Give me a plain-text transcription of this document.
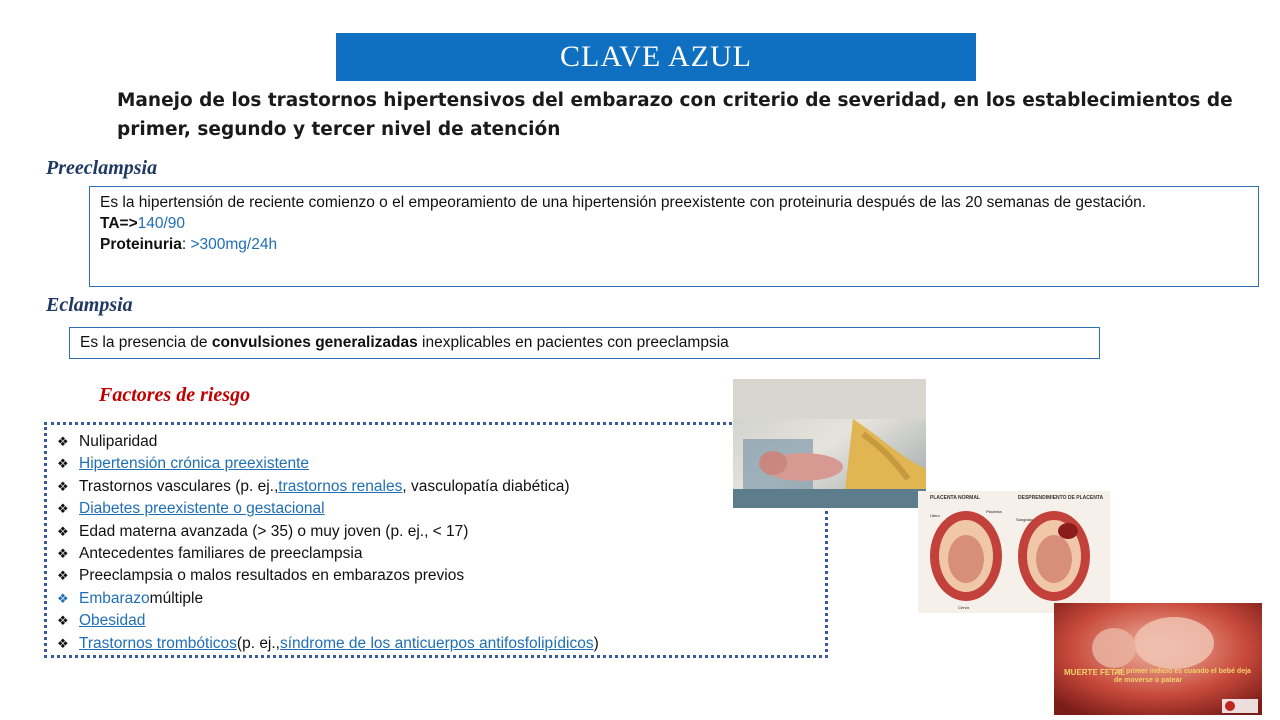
CLAVE AZUL
Manejo de los trastornos hipertensivos del embarazo con criterio de severidad, en los establecimientos de primer, segundo y tercer nivel de atención
Preeclampsia
Es la hipertensión de reciente comienzo o el empeoramiento de una hipertensión preexistente con proteinuria después de las 20 semanas de gestación.
TA=>140/90
Proteinuria: >300mg/24h
Eclampsia
Es la presencia de convulsiones generalizadas inexplicables en pacientes con preeclampsia
Factores de riesgo
❖ Nuliparidad
❖ Hipertensión crónica preexistente
❖ Trastornos vasculares (p. ej., trastornos renales , vasculopatía diabética)
❖ Diabetes preexistente o gestacional
❖ Edad materna avanzada (> 35) o muy joven (p. ej., < 17)
❖ Antecedentes familiares de preeclampsia
❖ Preeclampsia o malos resultados en embarazos previos
❖ Embarazo múltiple
❖ Obesidad
❖ Trastornos trombóticos (p. ej., síndrome de los anticuerpos antifosfolipídicos )
PLACENTA NORMAL	DESPRENDIMIENTO DE PLACENTA
Utero
Placenta
Sangrado
Cervix
MUERTE FETAL
: el primer indicio es cuando el bebé deja de moverse o patear
